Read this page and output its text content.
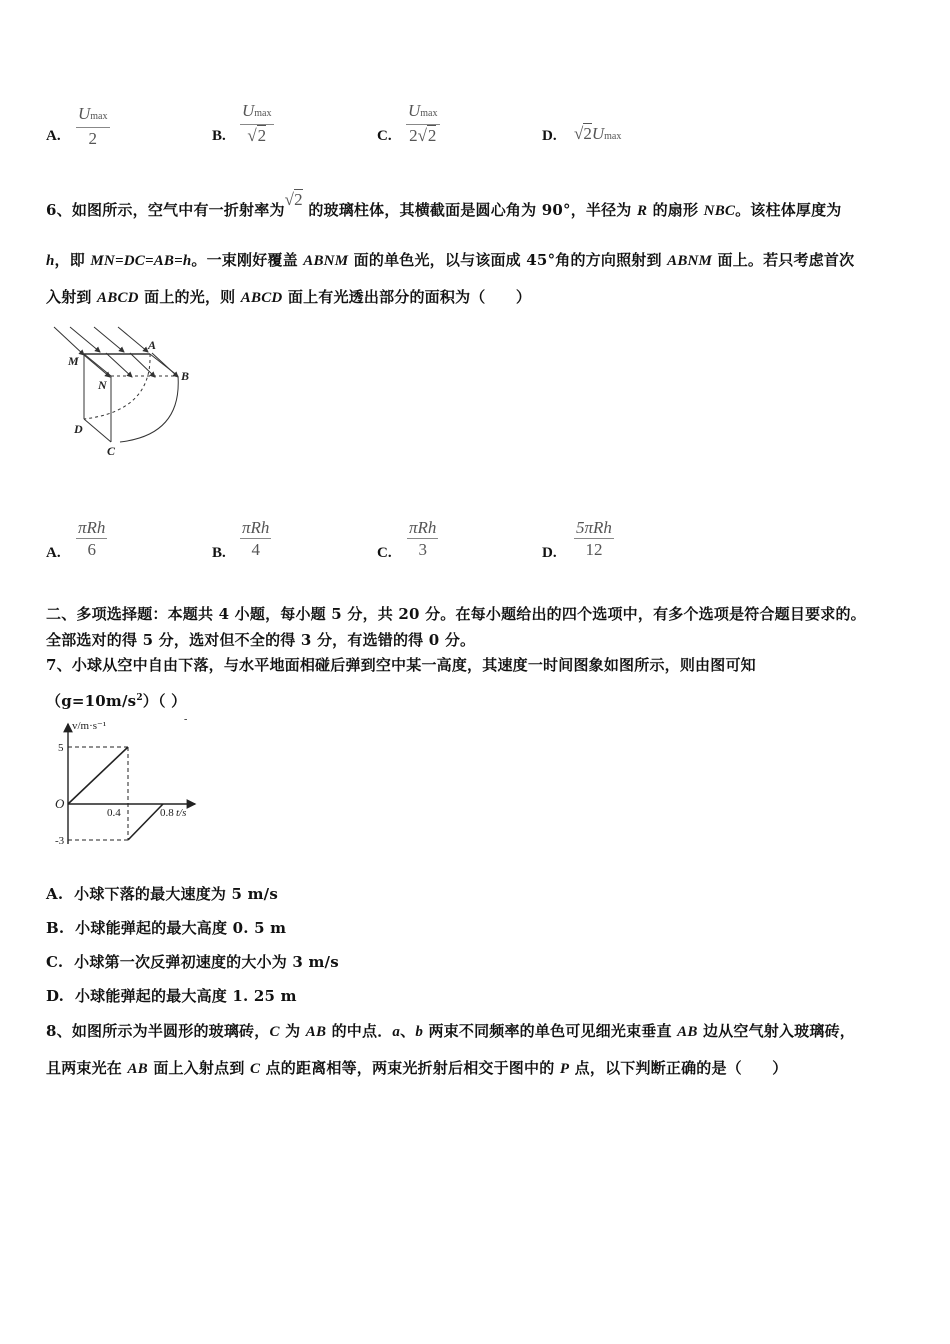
A.
Umax
2	B.
Umax
√2	C.
Umax
2√2	D. √2Umax
6、如图所示，空气中有一折射率为√2 的玻璃柱体，其横截面是圆心角为 90°，半径为 R 的扇形 NBC。该柱体厚度为
h，即 MN=DC=AB=h。一束刚好覆盖 ABNM 面的单色光，以与该面成 45°角的方向照射到 ABNM 面上。若只考虑首次
入射到 ABCD 面上的光，则 ABCD 面上有光透出部分的面积为（　　）
M
A
N
B
D
C
A.
πRh
6	B.
πRh
4	C.
πRh
3	D.
5πRh
12
二、多项选择题：本题共 4 小题，每小题 5 分，共 20 分。在每小题给出的四个选项中，有多个选项是符合题目要求的。
全部选对的得 5 分，选对但不全的得 3 分，有选错的得 0 分。
7、小球从空中自由下落，与水平地面相碰后弹到空中某一高度，其速度一时间图象如图所示，则由图可知
$(g=10m/s^2)$（ ）
-
v/m·s⁻¹
5
O
0.4	0.8 t/s
-3
A. 小球下落的最大速度为 5 m/s
B. 小球能弹起的最大高度 0. 5 m
C. 小球第一次反弹初速度的大小为 3 m/s
D. 小球能弹起的最大高度 1. 25 m
8、如图所示为半圆形的玻璃砖，C 为 AB 的中点．a、b 两束不同频率的单色可见细光束垂直 AB 边从空气射入玻璃砖，
且两束光在 AB 面上入射点到 C 点的距离相等，两束光折射后相交于图中的 P 点，以下判断正确的是（　　）
